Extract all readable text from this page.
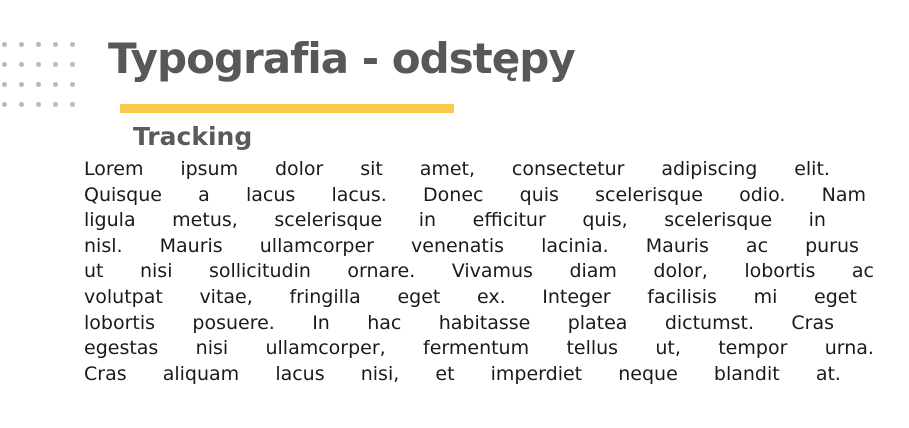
Typografia - odstępy
Tracking
Lorem ipsum dolor sit amet, consectetur adipiscing elit.
Quisque a lacus lacus. Donec quis scelerisque odio. Nam
ligula metus, scelerisque in efficitur quis, scelerisque in
nisl. Mauris ullamcorper venenatis lacinia. Mauris ac purus
ut nisi sollicitudin ornare. Vivamus diam dolor, lobortis ac
volutpat vitae, fringilla eget ex. Integer facilisis mi eget
lobortis posuere. In hac habitasse platea dictumst. Cras
egestas nisi ullamcorper, fermentum tellus ut, tempor urna.
Cras aliquam lacus nisi, et imperdiet neque blandit at.
